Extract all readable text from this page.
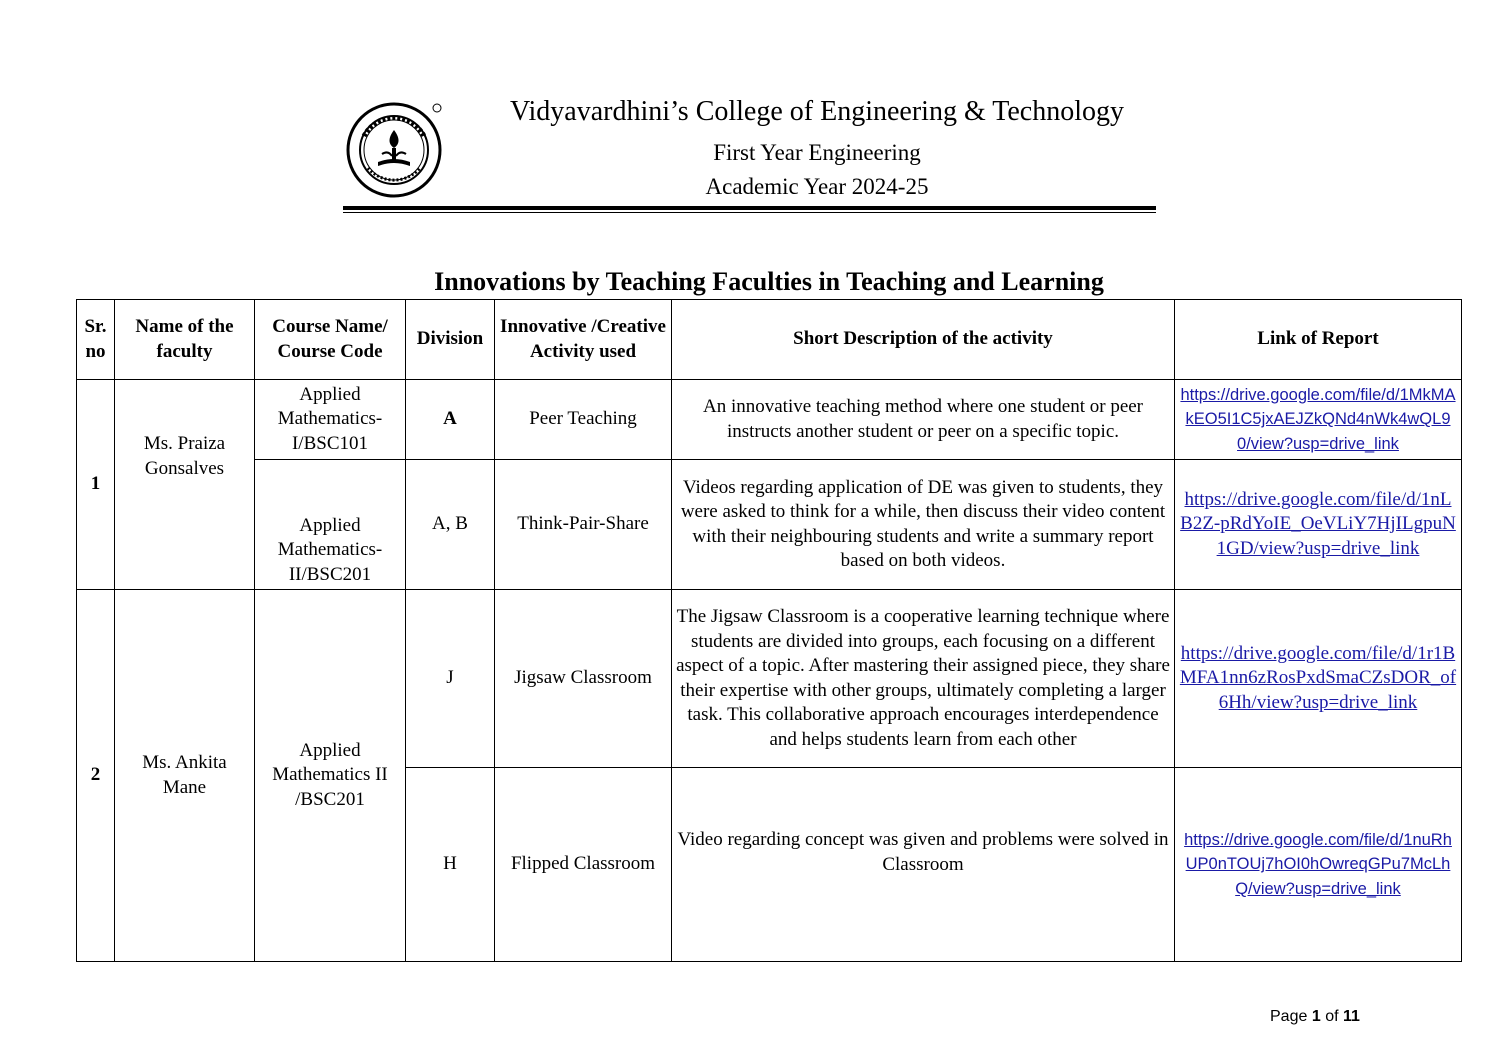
Vidyavardhini’s College of Engineering & Technology
First Year Engineering
Academic Year 2024-25
Innovations by Teaching Faculties in Teaching and Learning
Sr. no	Name of the faculty	Course Name/ Course Code	Division	Innovative /Creative Activity used	Short Description of the activity	Link of Report
1	Ms. Praiza Gonsalves	Applied Mathematics-I/BSC101	A	Peer Teaching	An innovative teaching method where one student or peer instructs another student or peer on a specific topic.	https://drive.google.com/file/d/1MkMAkEO5I1C5jxAEJZkQNd4nWk4wQL90/view?usp=drive_link
		Applied Mathematics-II/BSC201	A, B	Think-Pair-Share	Videos regarding application of DE was given to students, they were asked to think for a while, then discuss their video content with their neighbouring students and write a summary report based on both videos.	https://drive.google.com/file/d/1nLB2Z-pRdYoIE_OeVLiY7HjILgpuN1GD/view?usp=drive_link
2	Ms. Ankita Mane	Applied Mathematics II /BSC201	J	Jigsaw Classroom	The Jigsaw Classroom is a cooperative learning technique where students are divided into groups, each focusing on a different aspect of a topic. After mastering their assigned piece, they share their expertise with other groups, ultimately completing a larger task. This collaborative approach encourages interdependence and helps students learn from each other	https://drive.google.com/file/d/1r1BMFA1nn6zRosPxdSmaCZsDOR_of6Hh/view?usp=drive_link
			H	Flipped Classroom	Video regarding concept was given and problems were solved in Classroom	https://drive.google.com/file/d/1nuRhUP0nTOUj7hOI0hOwreqGPu7McLhQ/view?usp=drive_link
Page 1 of 11
